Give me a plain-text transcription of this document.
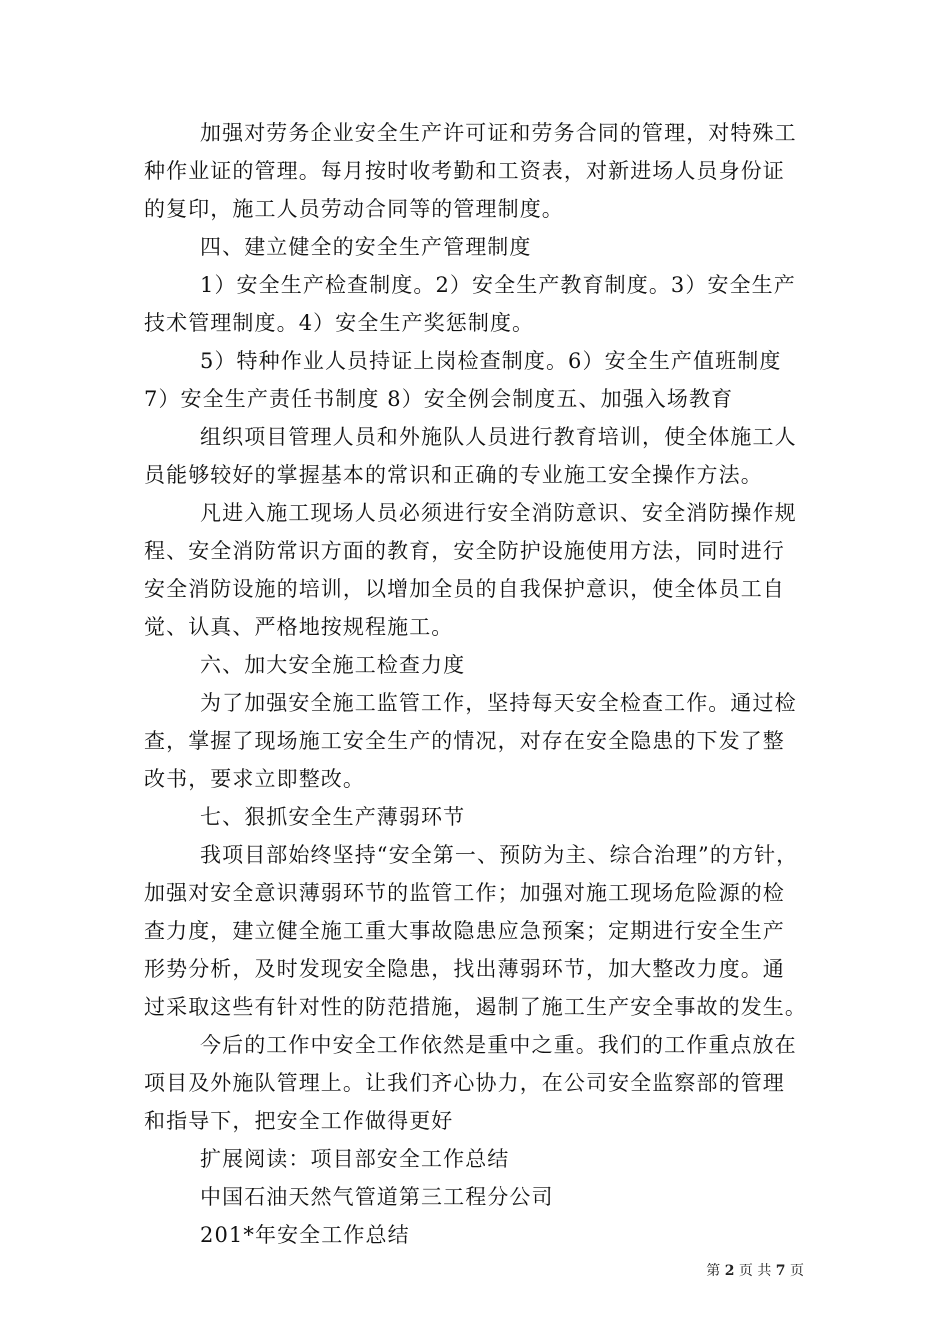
加强对劳务企业安全生产许可证和劳务合同的管理，对特殊工
种作业证的管理。每月按时收考勤和工资表，对新进场人员身份证
的复印，施工人员劳动合同等的管理制度。
四、建立健全的安全生产管理制度
1）安全生产检查制度。2）安全生产教育制度。3）安全生产
技术管理制度。4）安全生产奖惩制度。
5）特种作业人员持证上岗检查制度。6）安全生产值班制度
7）安全生产责任书制度 8）安全例会制度五、加强入场教育
组织项目管理人员和外施队人员进行教育培训，使全体施工人
员能够较好的掌握基本的常识和正确的专业施工安全操作方法。
凡进入施工现场人员必须进行安全消防意识、安全消防操作规
程、安全消防常识方面的教育，安全防护设施使用方法，同时进行
安全消防设施的培训，以增加全员的自我保护意识，使全体员工自
觉、认真、严格地按规程施工。
六、加大安全施工检查力度
为了加强安全施工监管工作，坚持每天安全检查工作。通过检
查，掌握了现场施工安全生产的情况，对存在安全隐患的下发了整
改书，要求立即整改。
七、狠抓安全生产薄弱环节
我项目部始终坚持“安全第一、预防为主、综合治理”的方针，
加强对安全意识薄弱环节的监管工作；加强对施工现场危险源的检
查力度，建立健全施工重大事故隐患应急预案；定期进行安全生产
形势分析，及时发现安全隐患，找出薄弱环节，加大整改力度。通
过采取这些有针对性的防范措施，遏制了施工生产安全事故的发生。
今后的工作中安全工作依然是重中之重。我们的工作重点放在
项目及外施队管理上。让我们齐心协力，在公司安全监察部的管理
和指导下，把安全工作做得更好
扩展阅读：项目部安全工作总结
中国石油天然气管道第三工程分公司
201*年安全工作总结
第 2 页 共 7 页
